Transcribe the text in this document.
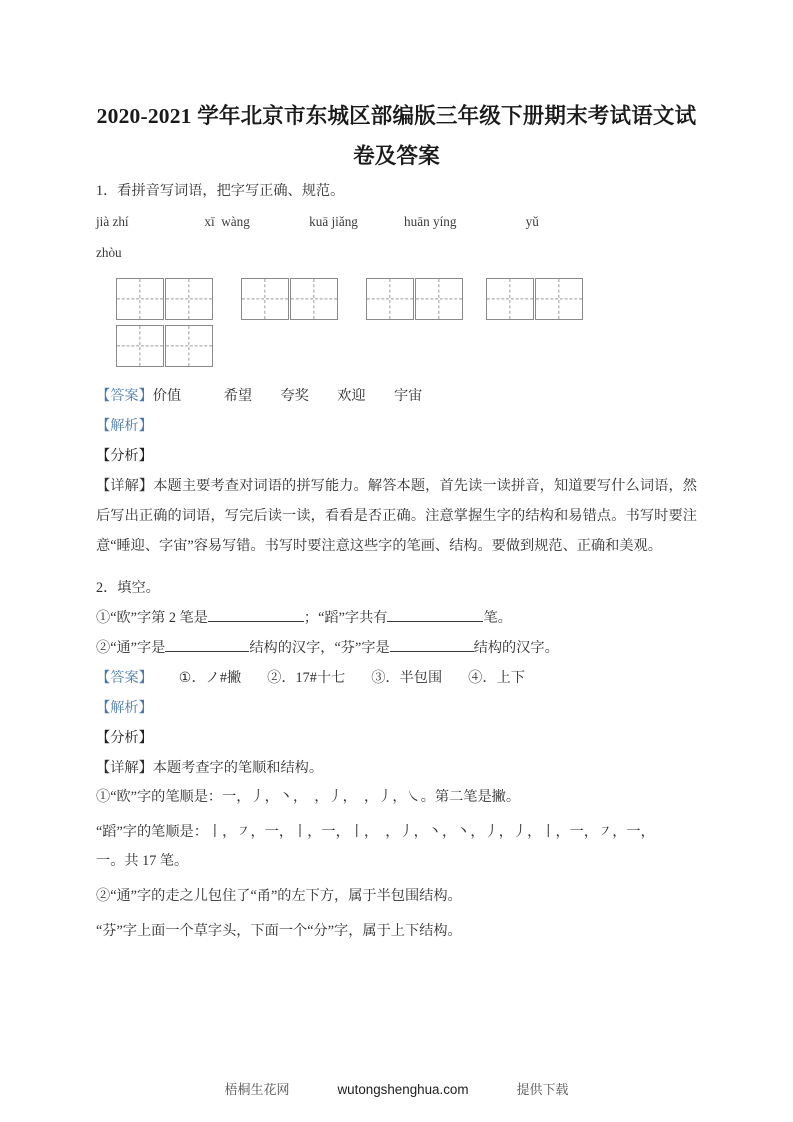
2020-2021 学年北京市东城区部编版三年级下册期末考试语文试卷及答案

1．看拼音写词语，把字写正确、规范。

jià zhí                       xī  wàng                  kuā jiǎng              huān yíng                     yǔ

zhòu

【答案】价值　　　希望　　夸奖　　欢迎　　宇宙

【解析】

【分析】

【详解】本题主要考查对词语的拼写能力。解答本题，首先读一读拼音，知道要写什么词语，然后写出正确的词语，写完后读一读，看看是否正确。注意掌握生字的结构和易错点。书写时要注意“睡迎、字宙”容易写错。书写时要注意这些字的笔画、结构。要做到规范、正确和美观。

2．填空。

①“欧”字第 2 笔是	；“蹈”字共有	笔。

②“通”字是	结构的汉字，“芬”字是	结构的汉字。

【答案】 ①．ノ#撇 ②．17#十七 ③．半包围 ④．上下

【解析】

【分析】

【详解】本题考查字的笔顺和结构。

①“欧”字的笔顺是：一，丿，丶，　，丿，　，丿，㇏。第二笔是撇。

“蹈”字的笔顺是：丨，㇇，一，丨，一，丨，　，丿，丶，丶，丿，丿，丨，一，㇇，一，

一。共 17 笔。

②“通”字的走之儿包住了“甬”的左下方，属于半包围结构。

“芬”字上面一个草字头，下面一个“分”字，属于上下结构。

梧桐生花网	wutongshenghua.com	提供下载
